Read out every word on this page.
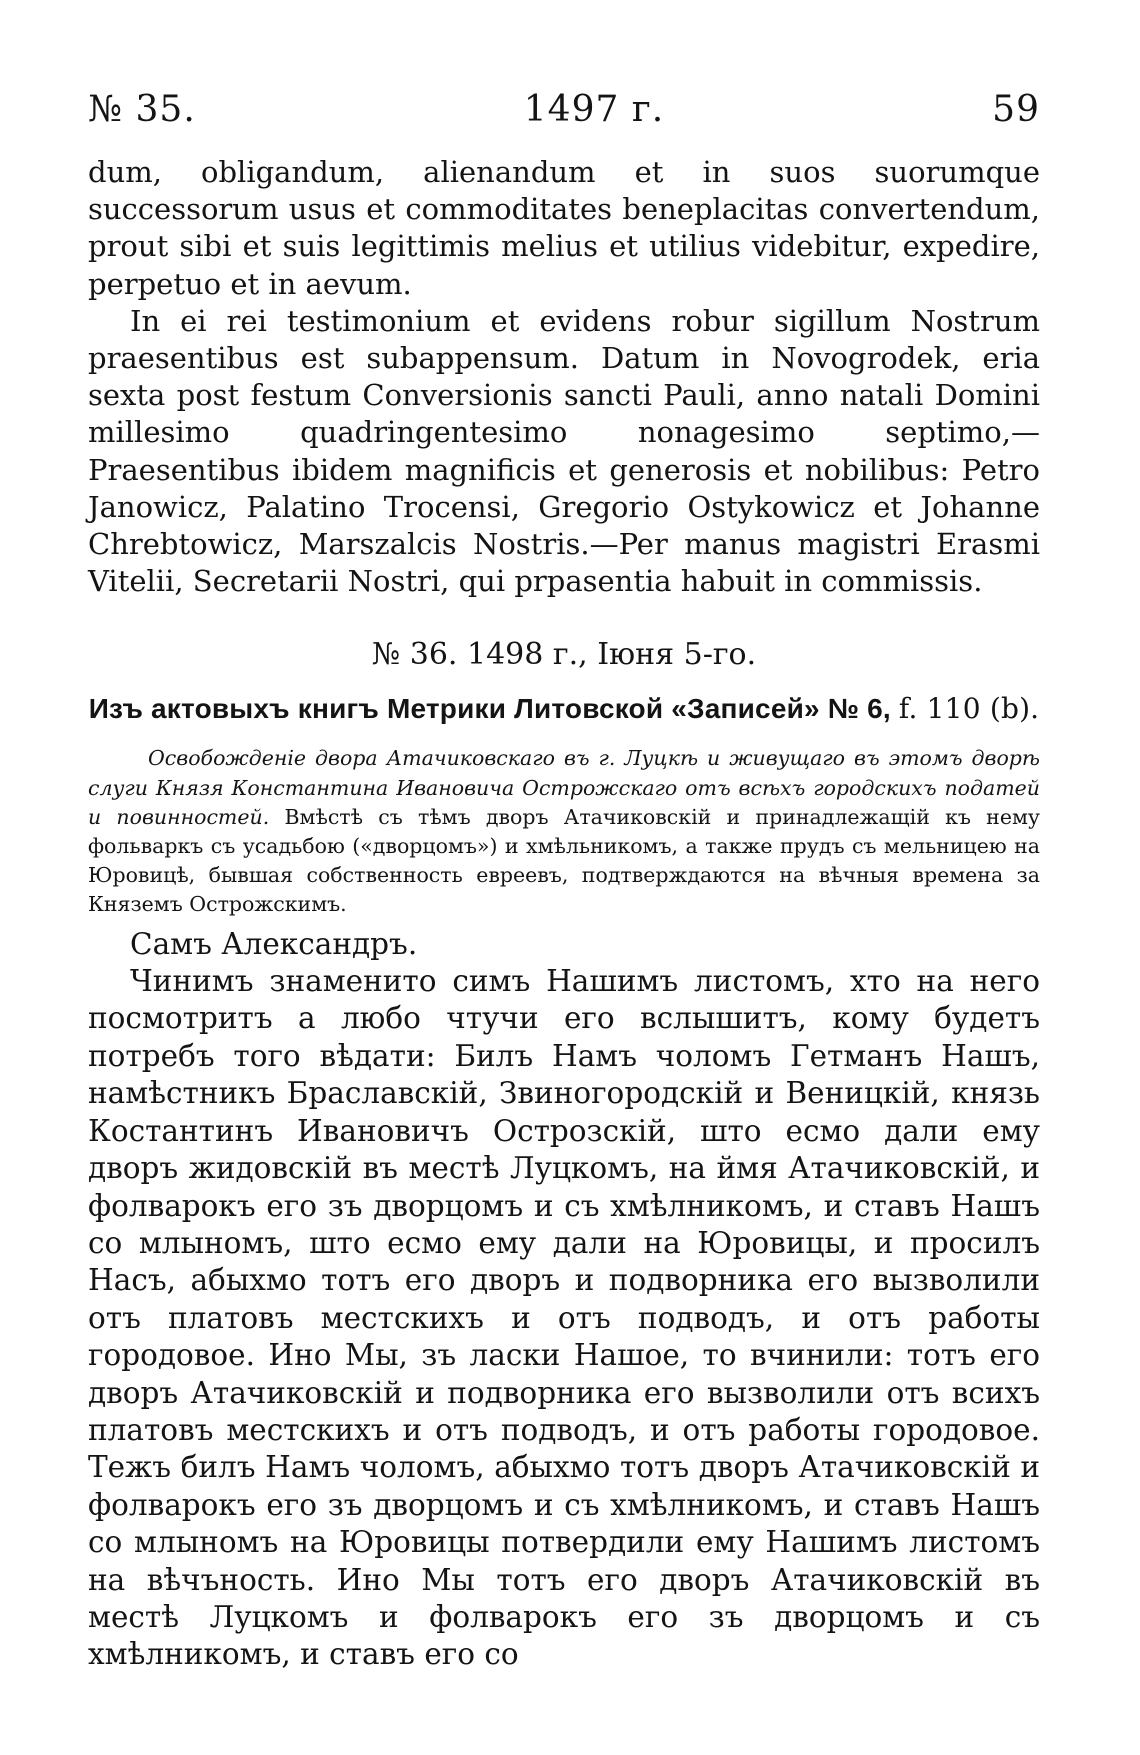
№ 35.	1497 г.	59

dum, obligandum, alienandum et in suos suorumque successorum usus et commoditates beneplacitas convertendum, prout sibi et suis legittimis melius et utilius videbitur, expedire, perpetuo et in aevum.

In ei rei testimonium et evidens robur sigillum Nostrum praesentibus est subappensum. Datum in Novogrodek, eria sexta post festum Conversionis sancti Pauli, anno natali Domini millesimo quadringentesimo nonagesimo septimo,—Praesentibus ibidem magnificis et generosis et nobilibus: Petro Janowicz, Palatino Trocensi, Gregorio Ostykowicz et Johanne Chrebtowicz, Marszalcis Nostris.—Per manus magistri Erasmi Vitelii, Secretarii Nostri, qui prpasentia habuit in commissis.

№ 36. 1498 г., Іюня 5-го.
Изъ актовыхъ книгъ Метрики Литовской «Записей» № 6, f. 110 (b).
Освобожденіе двора Атачиковскаго въ г. Луцкѣ и живущаго въ этомъ дворѣ слуги Князя Константина Ивановича Острожскаго отъ всѣхъ городскихъ податей и повинностей. Вмѣстѣ съ тѣмъ дворъ Атачиковскій и принадлежащій къ нему фольваркъ съ усадьбою («дворцомъ») и хмѣльникомъ, а также прудъ съ мельницею на Юровицѣ, бывшая собственность евреевъ, подтверждаются на вѣчныя времена за Княземъ Острожскимъ.

Самъ Александръ.

Чинимъ знаменито симъ Нашимъ листомъ, хто на него посмотритъ а любо чтучи его вслышитъ, кому будетъ потребъ того вѣдати: Билъ Намъ чоломъ Гетманъ Нашъ, намѣстникъ Браславскій, Звиногородскій и Веницкій, князь Костантинъ Ивановичъ Острозскій, што есмо дали ему дворъ жидовскій въ местѣ Луцкомъ, на ймя Атачиковскій, и фолварокъ его зъ дворцомъ и съ хмѣлникомъ, и ставъ Нашъ со млыномъ, што есмо ему дали на Юровицы, и просилъ Насъ, абыхмо тотъ его дворъ и подворника его вызволили отъ платовъ местскихъ и отъ подводъ, и отъ работы городовое. Ино Мы, зъ ласки Нашое, то вчинили: тотъ его дворъ Атачиковскій и подворника его вызволили отъ всихъ платовъ местскихъ и отъ подводъ, и отъ работы городовое. Тежъ билъ Намъ чоломъ, абыхмо тотъ дворъ Атачиковскій и фолварокъ его зъ дворцомъ и съ хмѣлникомъ, и ставъ Нашъ со млыномъ на Юровицы потвердили ему Нашимъ листомъ на вѣчъность. Ино Мы тотъ его дворъ Атачиковскій въ местѣ Луцкомъ и фолварокъ его зъ дворцомъ и съ хмѣлникомъ, и ставъ его со
